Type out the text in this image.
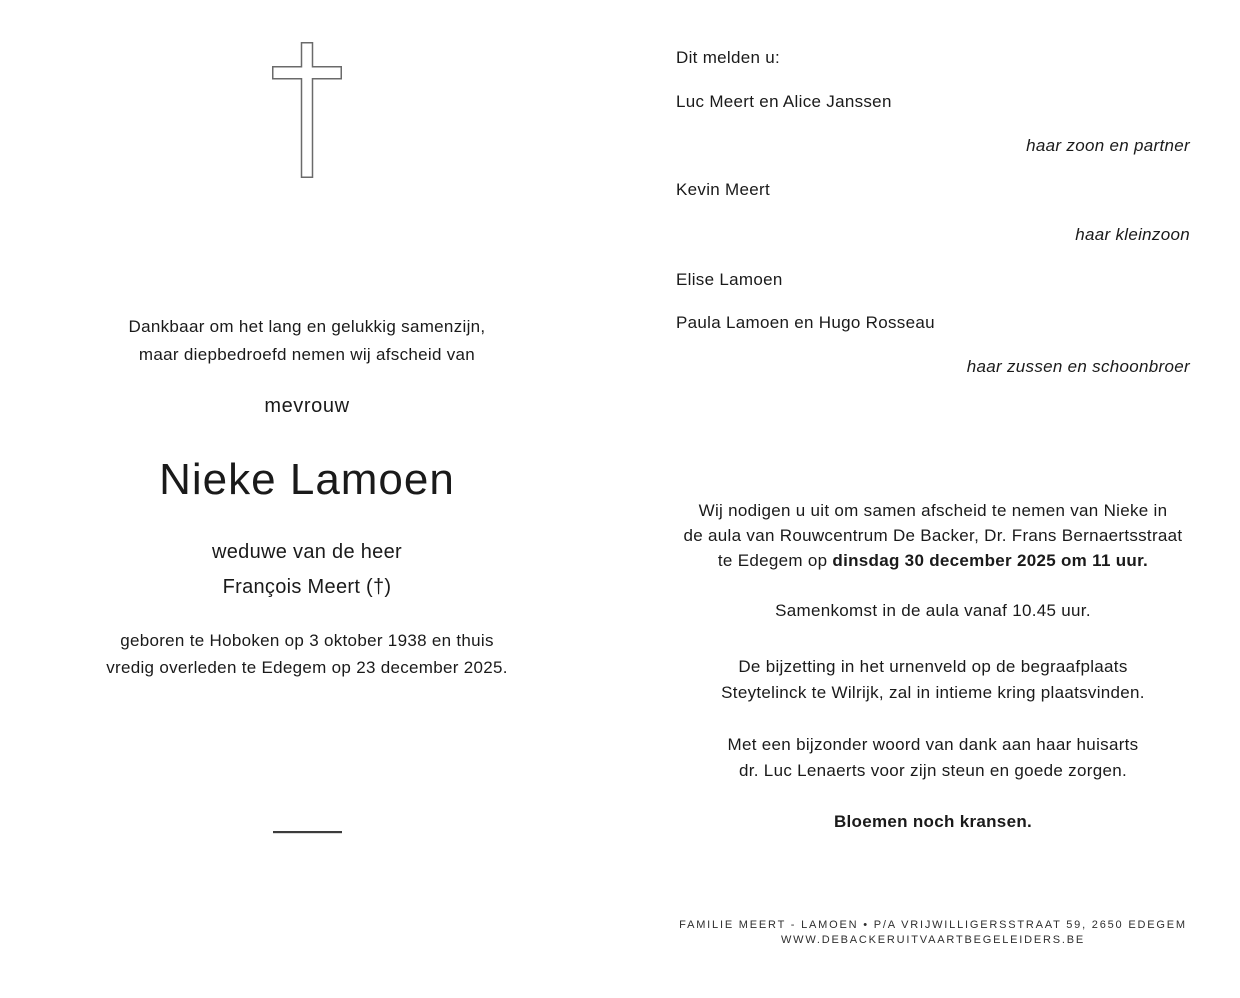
Dankbaar om het lang en gelukkig samenzijn,
maar diepbedroefd nemen wij afscheid van
mevrouw
Nieke Lamoen
weduwe van de heer
François Meert (†)
geboren te Hoboken op 3 oktober 1938 en thuis
vredig overleden te Edegem op 23 december 2025.
Dit melden u:
Luc Meert en Alice Janssen
haar zoon en partner
Kevin Meert
haar kleinzoon
Elise Lamoen
Paula Lamoen en Hugo Rosseau
haar zussen en schoonbroer
Wij nodigen u uit om samen afscheid te nemen van Nieke in
de aula van Rouwcentrum De Backer, Dr. Frans Bernaertsstraat
te Edegem op dinsdag 30 december 2025 om 11 uur.
Samenkomst in de aula vanaf 10.45 uur.
De bijzetting in het urnenveld op de begraafplaats
Steytelinck te Wilrijk, zal in intieme kring plaatsvinden.
Met een bijzonder woord van dank aan haar huisarts
dr. Luc Lenaerts voor zijn steun en goede zorgen.
Bloemen noch kransen.
FAMILIE MEERT - LAMOEN • P/A VRIJWILLIGERSSTRAAT 59, 2650 EDEGEM
WWW.DEBACKERUITVAARTBEGELEIDERS.BE
